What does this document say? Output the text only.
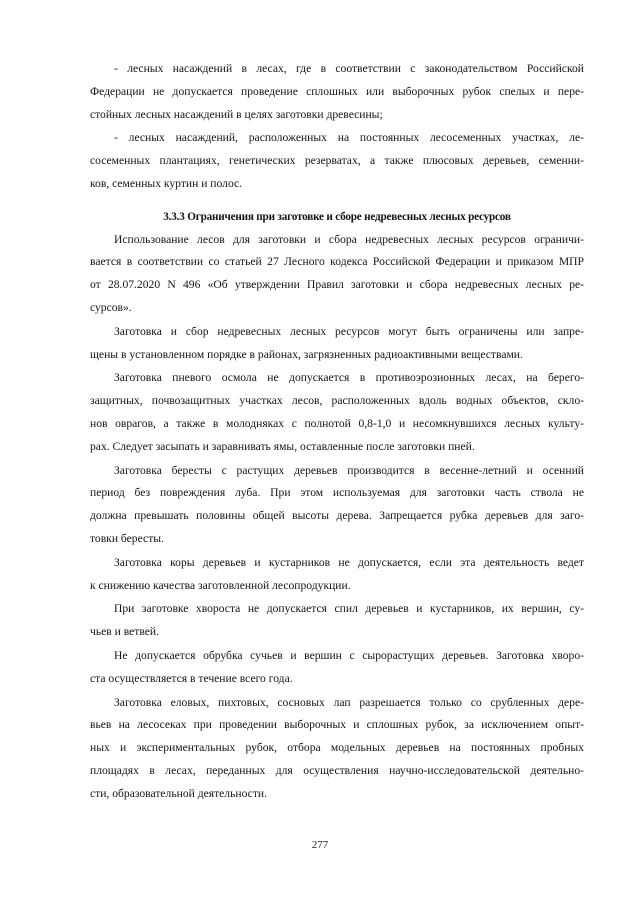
- лесных насаждений в лесах, где в соответствии с законодательством Российской
Федерации не допускается проведение сплошных или выборочных рубок спелых и пере-
стойных лесных насаждений в целях заготовки древесины;
- лесных насаждений, расположенных на постоянных лесосеменных участках, ле-
сосеменных плантациях, генетических резерватах, а также плюсовых деревьев, семенни-
ков, семенных куртин и полос.
3.3.3 Ограничения при заготовке и сборе недревесных лесных ресурсов
Использование лесов для заготовки и сбора недревесных лесных ресурсов ограничи-
вается в соответствии со статьей 27 Лесного кодекса Российской Федерации и приказом МПР
от 28.07.2020 N 496 «Об утверждении Правил заготовки и сбора недревесных лесных ре-
сурсов».
Заготовка и сбор недревесных лесных ресурсов могут быть ограничены или запре-
щены в установленном порядке в районах, загрязненных радиоактивными веществами.
Заготовка пневого осмола не допускается в противоэрозионных лесах, на берего-
защитных, почвозащитных участках лесов, расположенных вдоль водных объектов, скло-
нов оврагов, а также в молодняках с полнотой 0,8-1,0 и несомкнувшихся лесных культу-
рах. Следует засыпать и заравнивать ямы, оставленные после заготовки пней.
Заготовка бересты с растущих деревьев производится в весенне-летний и осенний
период без повреждения луба. При этом используемая для заготовки часть ствола не
должна превышать половины общей высоты дерева. Запрещается рубка деревьев для заго-
товки бересты.
Заготовка коры деревьев и кустарников не допускается, если эта деятельность ведет
к снижению качества заготовленной лесопродукции.
При заготовке хвороста не допускается спил деревьев и кустарников, их вершин, су-
чьев и ветвей.
Не допускается обрубка сучьев и вершин с сырорастущих деревьев. Заготовка хворо-
ста осуществляется в течение всего года.
Заготовка еловых, пихтовых, сосновых лап разрешается только со срубленных дере-
вьев на лесосеках при проведении выборочных и сплошных рубок, за исключением опыт-
ных и экспериментальных рубок, отбора модельных деревьев на постоянных пробных
площадях в лесах, переданных для осуществления научно-исследовательской деятельно-
сти, образовательной деятельности.
277
